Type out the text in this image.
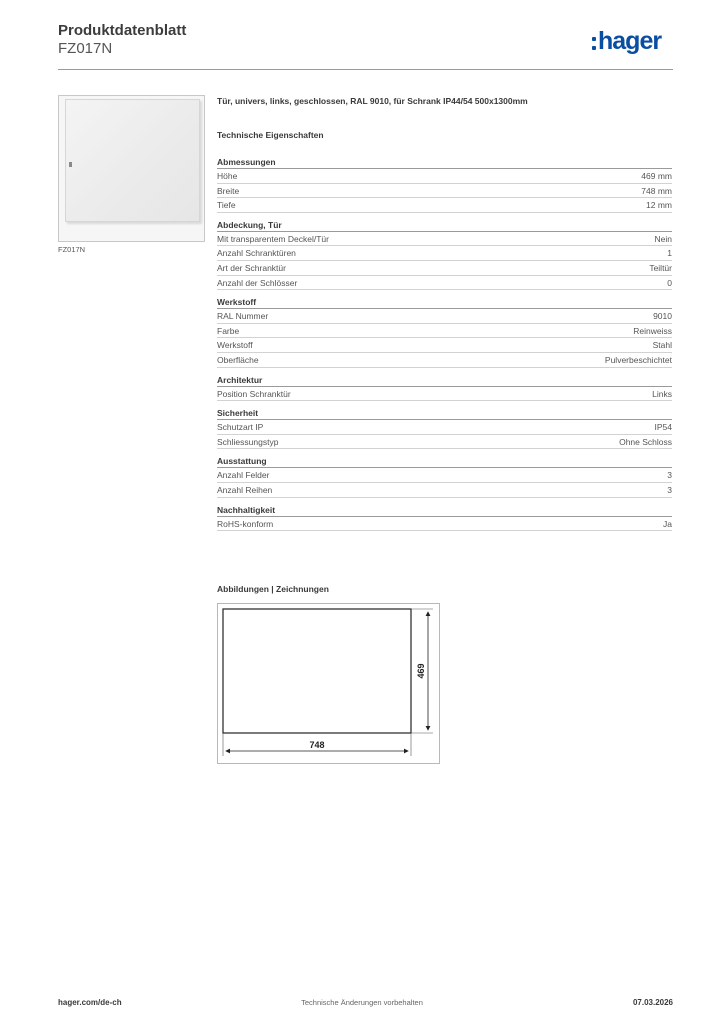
Produktdatenblatt
FZ017N	hager
FZ017N
Tür, univers, links, geschlossen, RAL 9010, für Schrank IP44/54 500x1300mm
Technische Eigenschaften
Abmessungen
Höhe	469 mm
Breite	748 mm
Tiefe	12 mm
Abdeckung, Tür
Mit transparentem Deckel/Tür	Nein
Anzahl Schranktüren	1
Art der Schranktür	Teiltür
Anzahl der Schlösser	0
Werkstoff
RAL Nummer	9010
Farbe	Reinweiss
Werkstoff	Stahl
Oberfläche	Pulverbeschichtet
Architektur
Position Schranktür	Links
Sicherheit
Schutzart IP	IP54
Schliessungstyp	Ohne Schloss
Ausstattung
Anzahl Felder	3
Anzahl Reihen	3
Nachhaltigkeit
RoHS-konform	Ja
Abbildungen | Zeichnungen
469
748
hager.com/de-ch	Technische Änderungen vorbehalten	07.03.2026
